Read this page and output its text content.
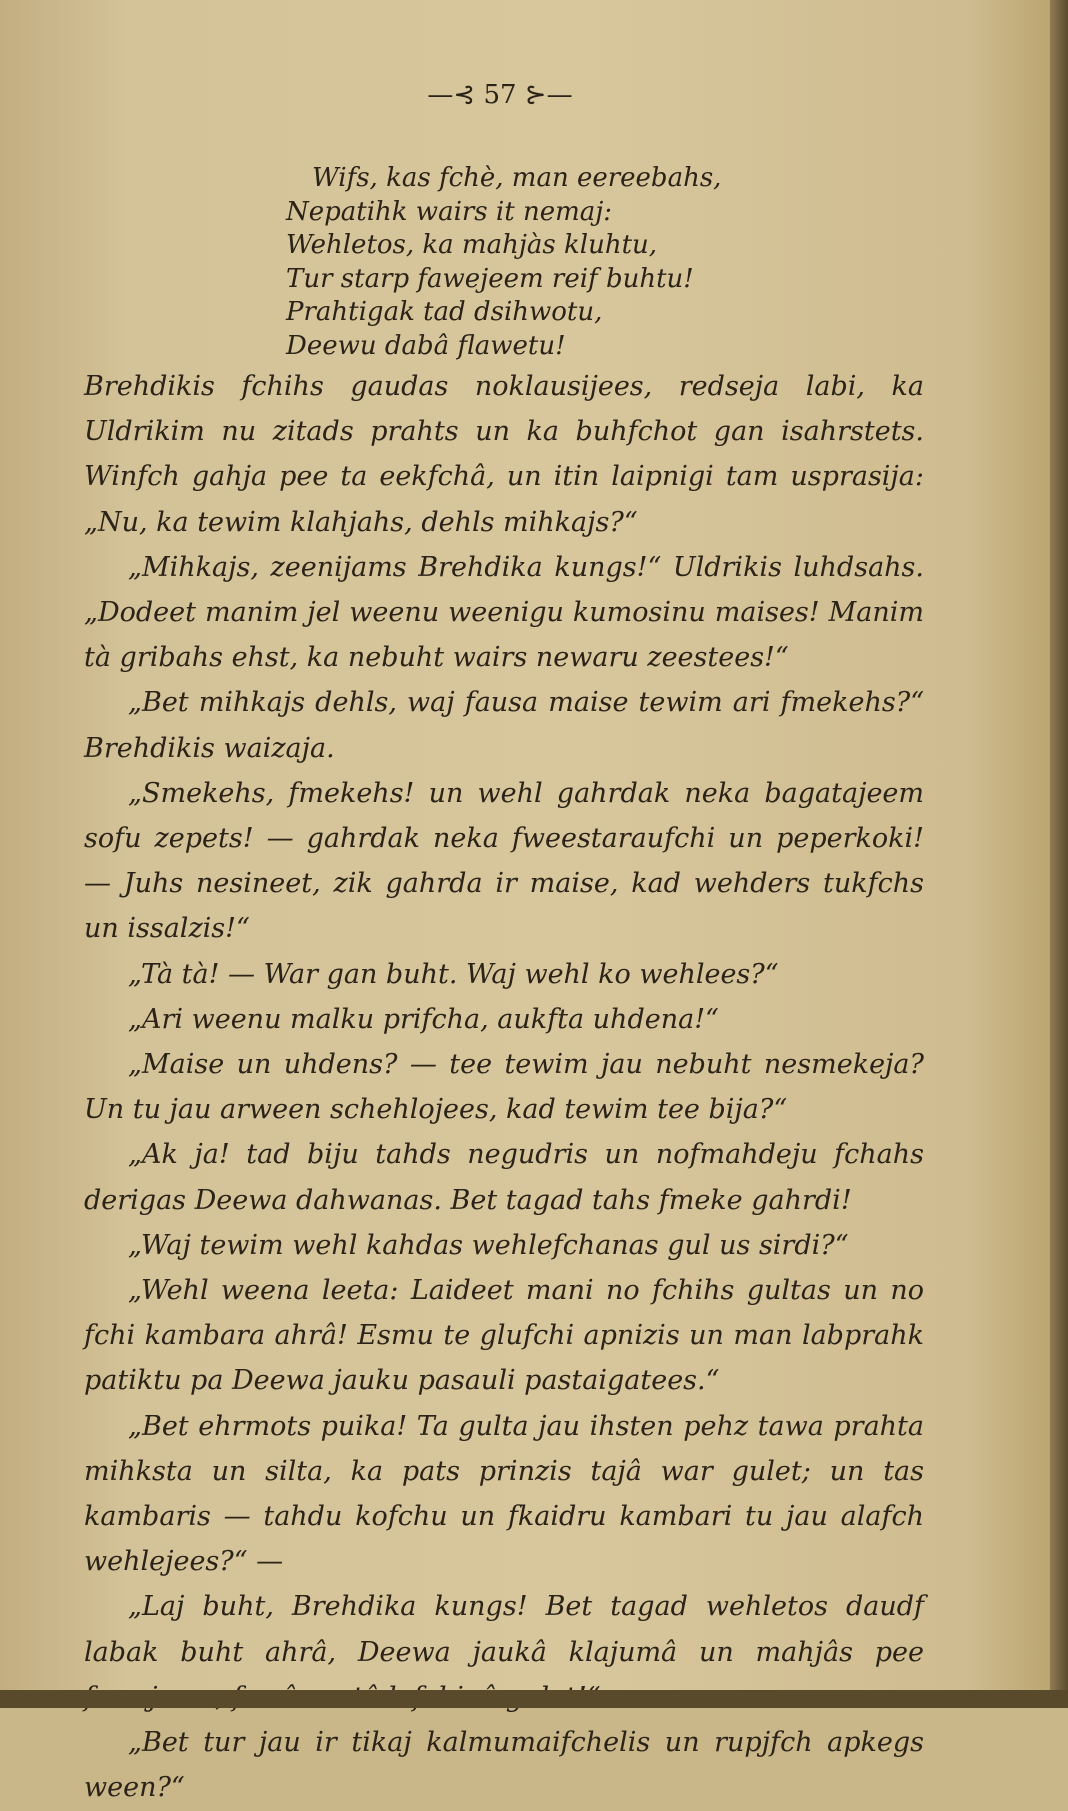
—⊰ 57 ⊱—
Wifs, kas fchè, man eereebahs,
Nepatihk wairs it nemaj:
Wehletos, ka mahjàs kluhtu,
Tur starp fawejeem reif buhtu!
Prahtigak tad dsihwotu,
Deewu dabâ flawetu!

Brehdikis fchihs gaudas noklausijees, redseja labi, ka Uldrikim nu zitads prahts un ka buhfchot gan isahrstets. Winfch gahja pee ta eekfchâ, un itin laipnigi tam usprasija: „Nu, ka tewim klahjahs, dehls mihkajs?“

„Mihkajs, zeenijams Brehdika kungs!“ Uldrikis luhdsahs. „Dodeet manim jel weenu weenigu kumosinu maises! Manim tà gribahs ehst, ka nebuht wairs newaru zeestees!“

„Bet mihkajs dehls, waj fausa maise tewim ari fmekehs?“ Brehdikis waizaja.

„Smekehs, fmekehs! un wehl gahrdak neka bagatajeem sofu zepets! — gahrdak neka fweestaraufchi un peperkoki! — Juhs nesineet, zik gahrda ir maise, kad wehders tukfchs un issalzis!“

„Tà tà! — War gan buht. Waj wehl ko wehlees?“

„Ari weenu malku prifcha, aukfta uhdena!“

„Maise un uhdens? — tee tewim jau nebuht nesmekeja? Un tu jau arween schehlojees, kad tewim tee bija?“

„Ak ja! tad biju tahds negudris un nofmahdeju fchahs derigas Deewa dahwanas. Bet tagad tahs fmeke gahrdi!

„Waj tewim wehl kahdas wehlefchanas gul us sirdi?“

„Wehl weena leeta: Laideet mani no fchihs gultas un no fchi kambara ahrâ! Esmu te glufchi apnizis un man labprahk patiktu pa Deewa jauku pasauli pastaigatees.“

„Bet ehrmots puika! Ta gulta jau ihsten pehz tawa prahta mihksta un silta, ka pats prinzis tajâ war gulet; un tas kambaris — tahdu kofchu un fkaidru kambari tu jau alafch wehlejees?“ —

„Laj buht, Brehdika kungs! Bet tagad wehletos daudf labak buht ahrâ, Deewa jaukâ klajumâ un mahjâs pee

„Bet tur jau ir tikaj kalmumaifchelis un rupjfch apkegs ween?“
